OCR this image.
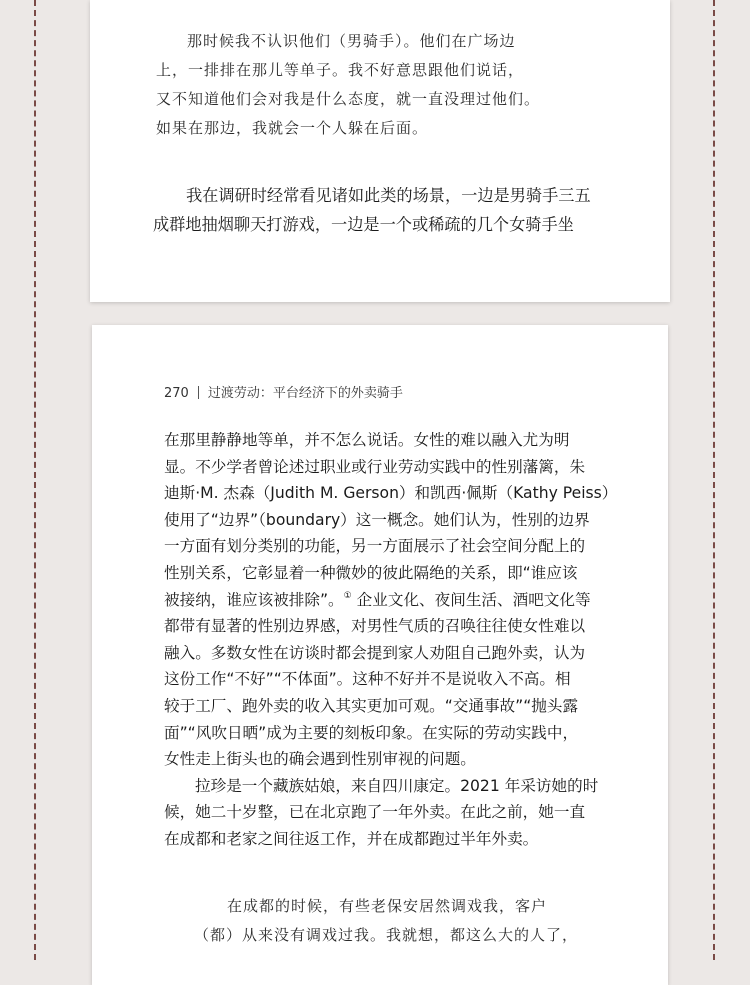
那时候我不认识他们（男骑手）。他们在广场边
上，一排排在那儿等单子。我不好意思跟他们说话，
又不知道他们会对我是什么态度，就一直没理过他们。
如果在那边，我就会一个人躲在后面。
我在调研时经常看见诸如此类的场景，一边是男骑手三五
成群地抽烟聊天打游戏，一边是一个或稀疏的几个女骑手坐
270 过渡劳动：平台经济下的外卖骑手
在那里静静地等单，并不怎么说话。女性的难以融入尤为明
显。不少学者曾论述过职业或行业劳动实践中的性别藩篱，朱
迪斯·M. 杰森（Judith M. Gerson）和凯西·佩斯（Kathy Peiss）
使用了“边界”（boundary）这一概念。她们认为，性别的边界
一方面有划分类别的功能，另一方面展示了社会空间分配上的
性别关系，它彰显着一种微妙的彼此隔绝的关系，即“谁应该
被接纳，谁应该被排除”。① 企业文化、夜间生活、酒吧文化等
都带有显著的性别边界感，对男性气质的召唤往往使女性难以
融入。多数女性在访谈时都会提到家人劝阻自己跑外卖，认为
这份工作“不好”“不体面”。这种不好并不是说收入不高。相
较于工厂、跑外卖的收入其实更加可观。“交通事故”“抛头露
面”“风吹日晒”成为主要的刻板印象。在实际的劳动实践中，
女性走上街头也的确会遇到性别审视的问题。
拉珍是一个藏族姑娘，来自四川康定。2021 年采访她的时
候，她二十岁整，已在北京跑了一年外卖。在此之前，她一直
在成都和老家之间往返工作，并在成都跑过半年外卖。
在成都的时候，有些老保安居然调戏我，客户
（都）从来没有调戏过我。我就想，都这么大的人了，
